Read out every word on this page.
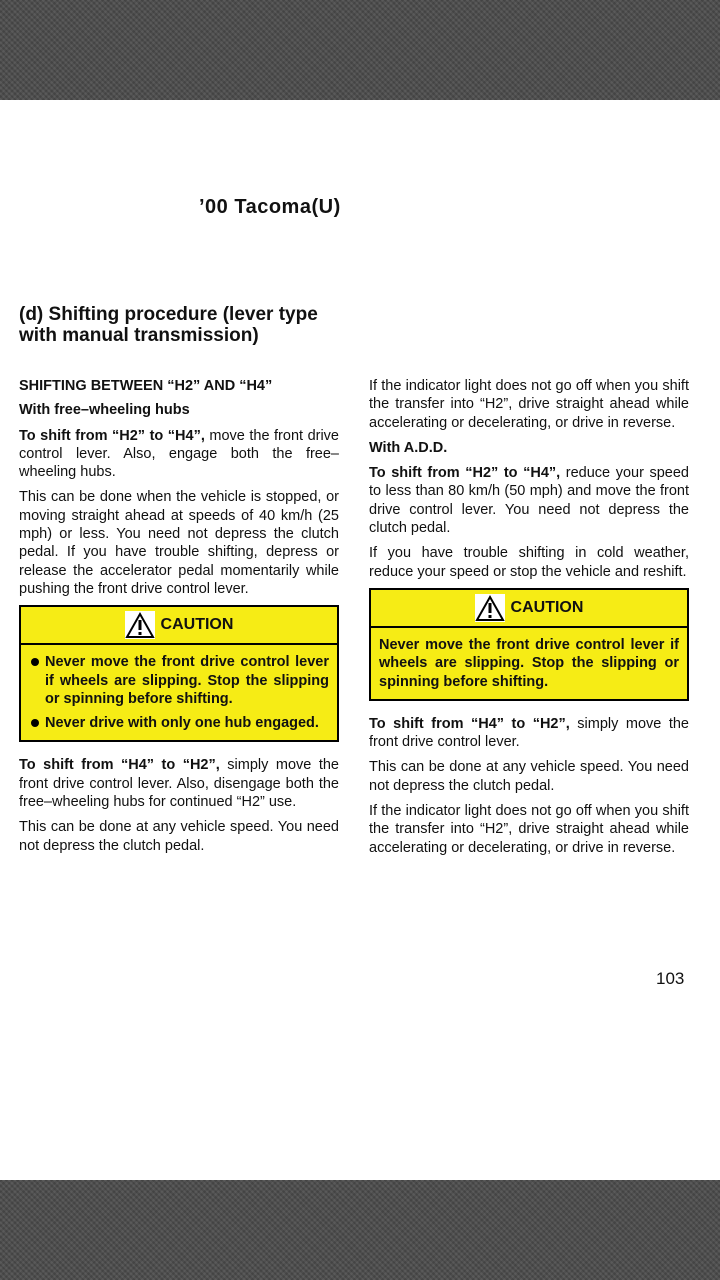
’00 Tacoma(U)
(d) Shifting procedure (lever type with manual transmission)
SHIFTING BETWEEN “H2” AND “H4”
With free–wheeling hubs

To shift from “H2” to “H4”, move the front drive control lever. Also, engage both the free–wheeling hubs.

This can be done when the vehicle is stopped, or moving straight ahead at speeds of 40 km/h (25 mph) or less. You need not depress the clutch pedal. If you have trouble shifting, depress or release the accelerator pedal momentarily while pushing the front drive control lever.

CAUTION
Never move the front drive control lever if wheels are slipping. Stop the slipping or spinning before shifting.
Never drive with only one hub engaged.

To shift from “H4” to “H2”, simply move the front drive control lever. Also, disengage both the free–wheeling hubs for continued “H2” use.

This can be done at any vehicle speed. You need not depress the clutch pedal.

If the indicator light does not go off when you shift the transfer into “H2”, drive straight ahead while accelerating or decelerating, or drive in reverse.

With A.D.D.

To shift from “H2” to “H4”, reduce your speed to less than 80 km/h (50 mph) and move the front drive control lever. You need not depress the clutch pedal.

If you have trouble shifting in cold weather, reduce your speed or stop the vehicle and reshift.

CAUTION
Never move the front drive control lever if wheels are slipping. Stop the slipping or spinning before shifting.

To shift from “H4” to “H2”, simply move the front drive control lever.

This can be done at any vehicle speed. You need not depress the clutch pedal.

If the indicator light does not go off when you shift the transfer into “H2”, drive straight ahead while accelerating or decelerating, or drive in reverse.

103
